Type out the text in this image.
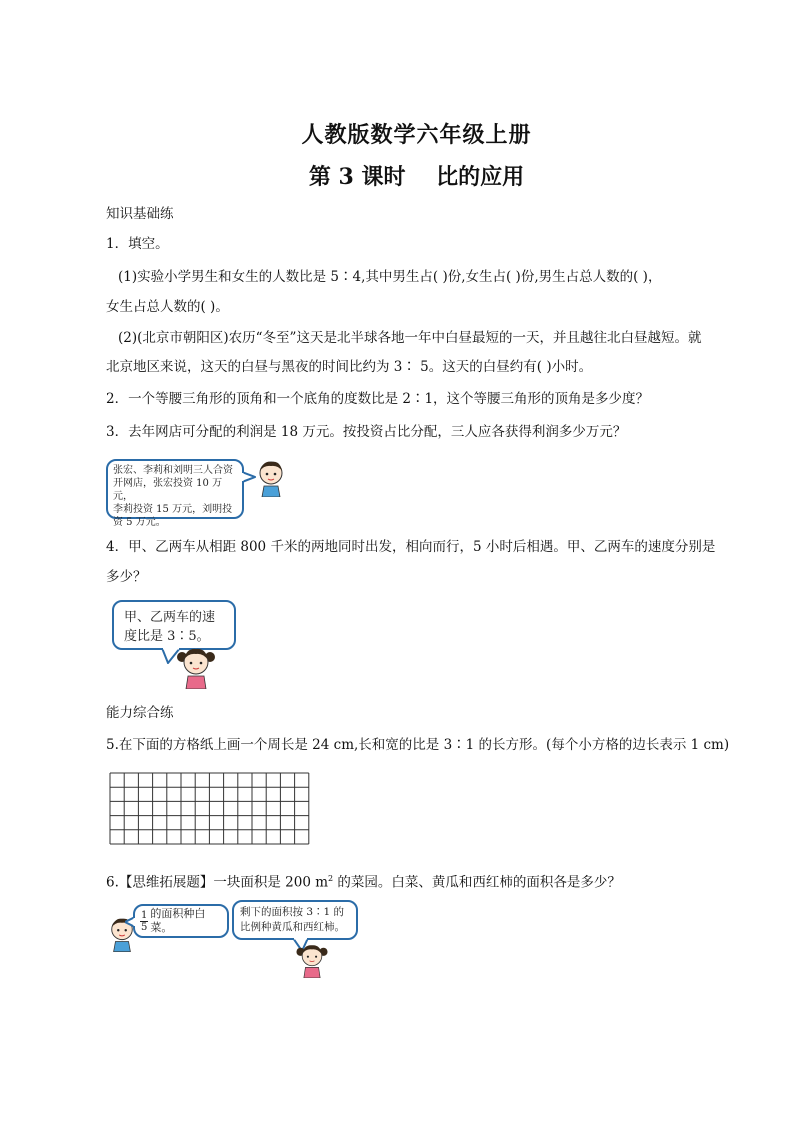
人教版数学六年级上册
第 3 课时    比的应用
知识基础练
1．填空。
(1)实验小学男生和女生的人数比是 5∶4,其中男生占( )份,女生占( )份,男生占总人数的( )，
女生占总人数的( )。
(2)(北京市朝阳区)农历“冬至”这天是北半球各地一年中白昼最短的一天，并且越往北白昼越短。就
北京地区来说，这天的白昼与黑夜的时间比约为 3∶ 5。这天的白昼约有( )小时。
2．一个等腰三角形的顶角和一个底角的度数比是 2∶1，这个等腰三角形的顶角是多少度？
3．去年网店可分配的利润是 18 万元。按投资占比分配，三人应各获得利润多少万元？
张宏、李莉和刘明三人合资
开网店，张宏投资 10 万元，
李莉投资 15 万元，刘明投
资 5 万元。
4．甲、乙两车从相距 800 千米的两地同时出发，相向而行，5 小时后相遇。甲、乙两车的速度分别是
多少？
甲、乙两车的速
度比是 3∶5。
能力综合练
5.在下面的方格纸上画一个周长是 24 cm,长和宽的比是 3∶1 的长方形。(每个小方格的边长表示 1 cm)
6.【思维拓展题】一块面积是 200 $m^2$ 的菜园。白菜、黄瓜和西红柿的面积各是多少？
$\frac{1}{5}$ 的面积种白菜。
剩下的面积按 3∶1 的
比例种黄瓜和西红柿。
